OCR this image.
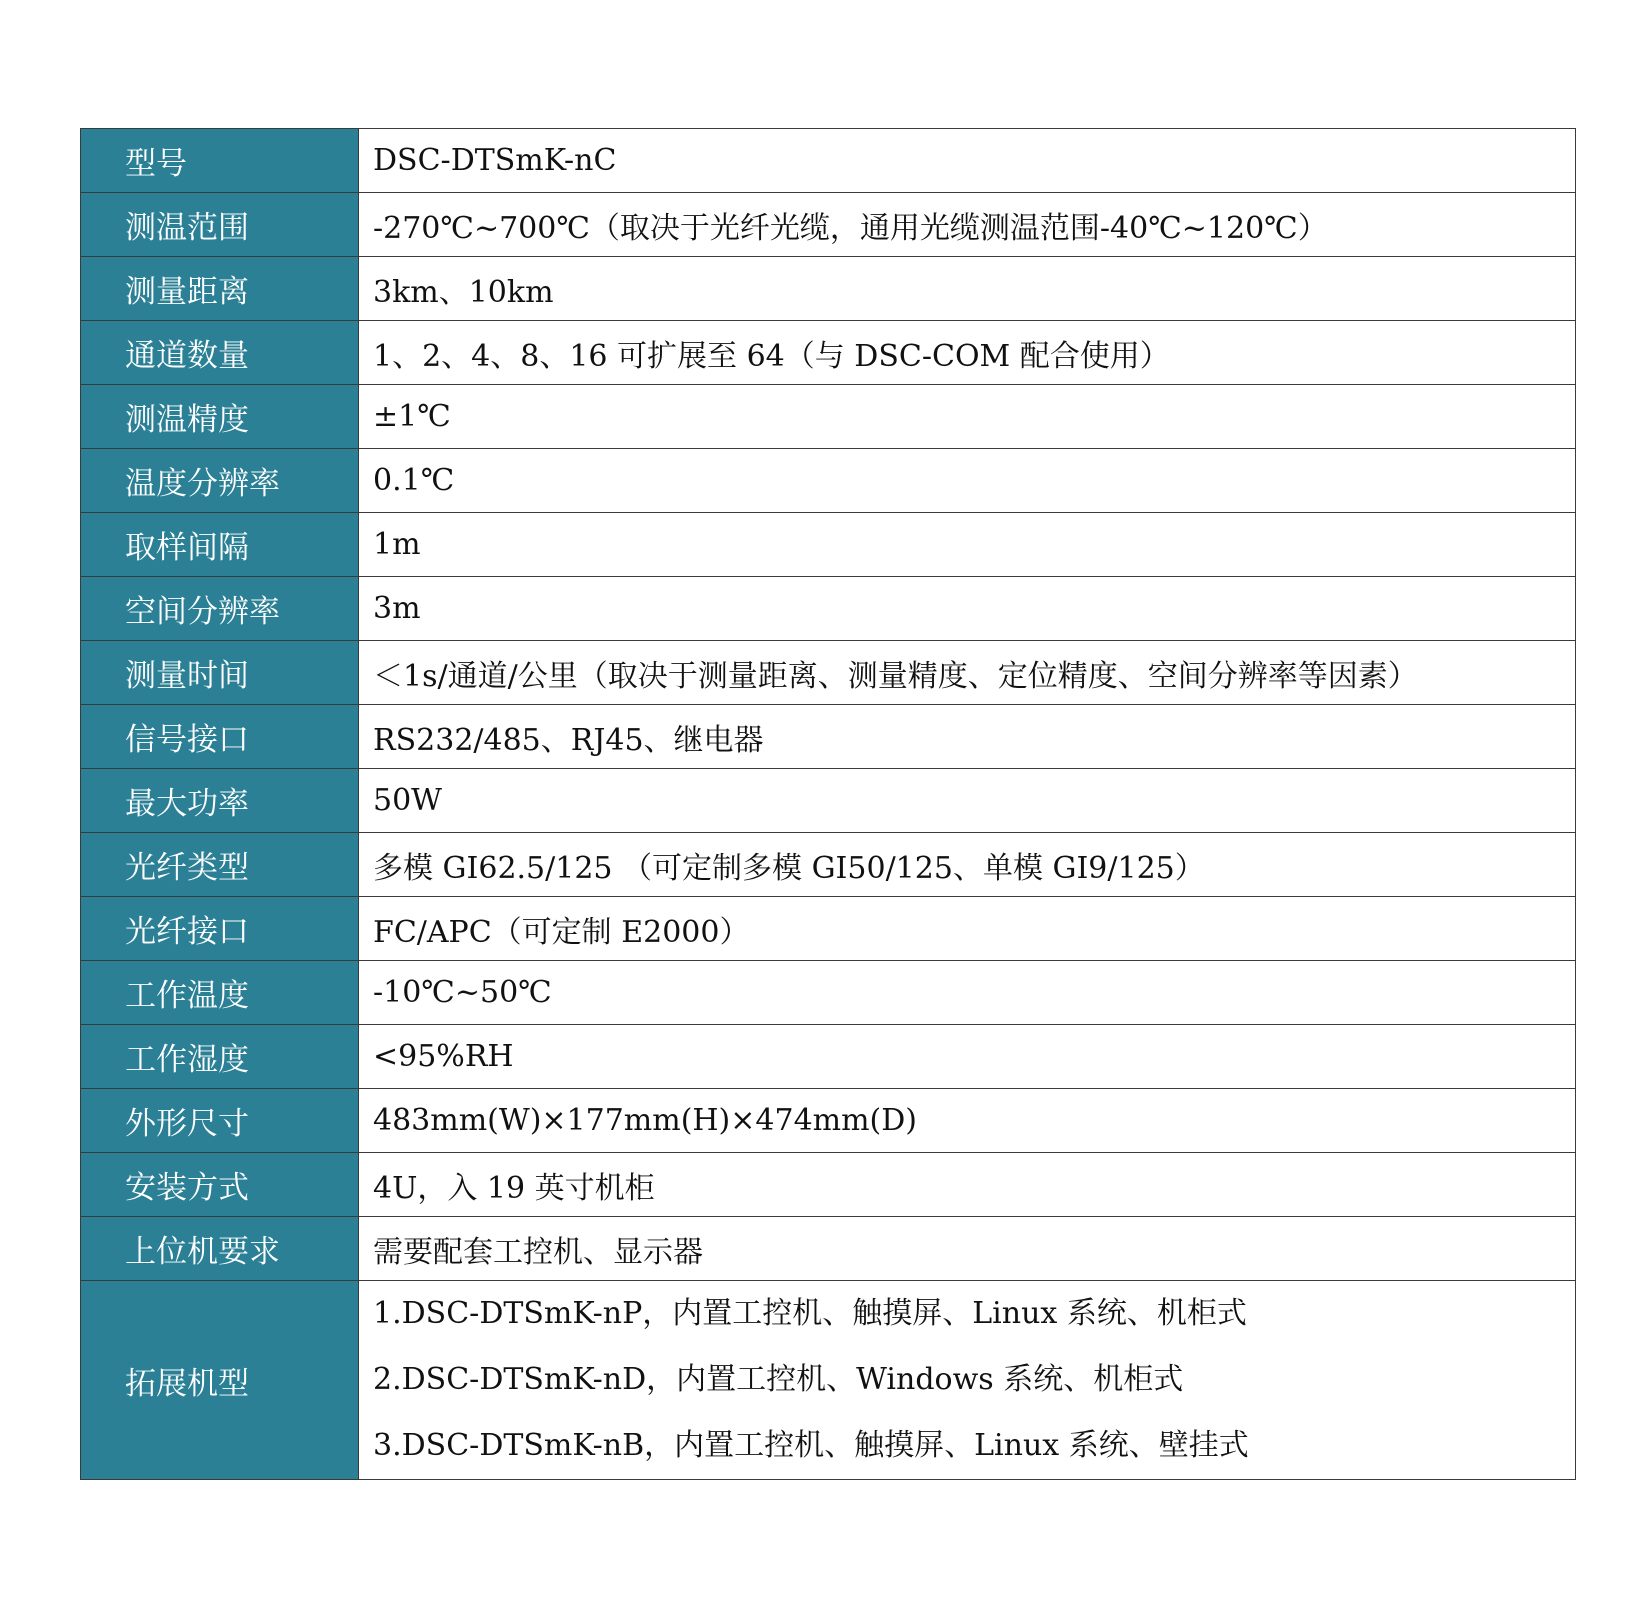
型号	DSC-DTSmK-nC
测温范围	-270℃~700℃（取决于光纤光缆，通用光缆测温范围-40℃~120℃）
测量距离	3km、10km
通道数量	1、2、4、8、16 可扩展至 64（与 DSC-COM 配合使用）
测温精度	±1℃
温度分辨率	0.1℃
取样间隔	1m
空间分辨率	3m
测量时间	＜1s/通道/公里（取决于测量距离、测量精度、定位精度、空间分辨率等因素）
信号接口	RS232/485、RJ45、继电器
最大功率	50W
光纤类型	多模 GI62.5/125 （可定制多模 GI50/125、单模 GI9/125）
光纤接口	FC/APC（可定制 E2000）
工作温度	-10℃~50℃
工作湿度	<95%RH
外形尺寸	483mm(W)×177mm(H)×474mm(D)
安装方式	4U，入 19 英寸机柜
上位机要求	需要配套工控机、显示器
拓展机型	1.DSC-DTSmK-nP，内置工控机、触摸屏、Linux 系统、机柜式
2.DSC-DTSmK-nD，内置工控机、Windows 系统、机柜式
3.DSC-DTSmK-nB，内置工控机、触摸屏、Linux 系统、壁挂式
